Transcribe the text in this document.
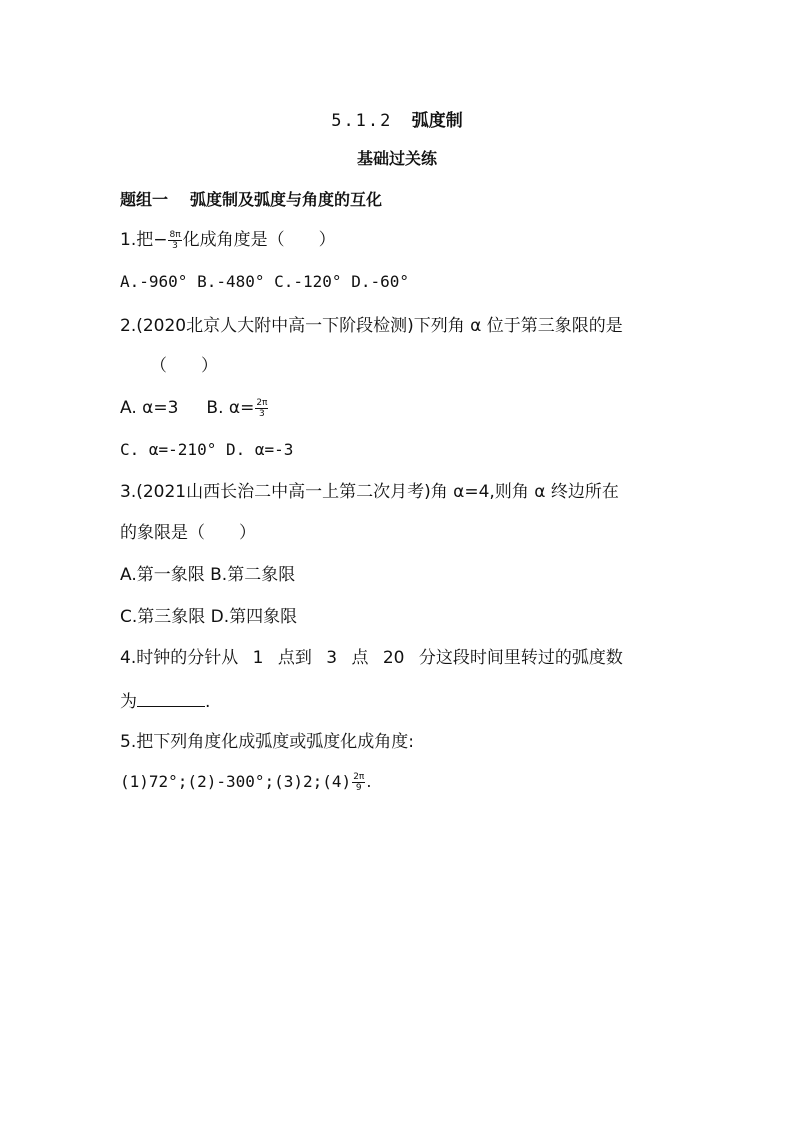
5.1.2 弧度制
基础过关练
题组一 弧度制及弧度与角度的互化
1.把− $\frac{8\pi}{3}$ 化成角度是（　　）
A.-960° B.-480° C.-120° D.-60°
2.(2020北京人大附中高一下阶段检测)下列角 α 位于第三象限的是
（　　）
A. α=3 B. $\alpha= \frac{2\pi}{3}$
C. α=-210° D. α=-3
3.(2021山西长治二中高一上第二次月考)角 α=4,则角 α 终边所在
的象限是（　　）
A.第一象限 B.第二象限
C.第三象限 D.第四象限
4.时钟的分针从 1 点到 3 点 20 分这段时间里转过的弧度数
为	.
5.把下列角度化成弧度或弧度化成角度:
(1)72°;(2)-300°;(3)2;(4) $\frac{2\pi}{9}$ .
